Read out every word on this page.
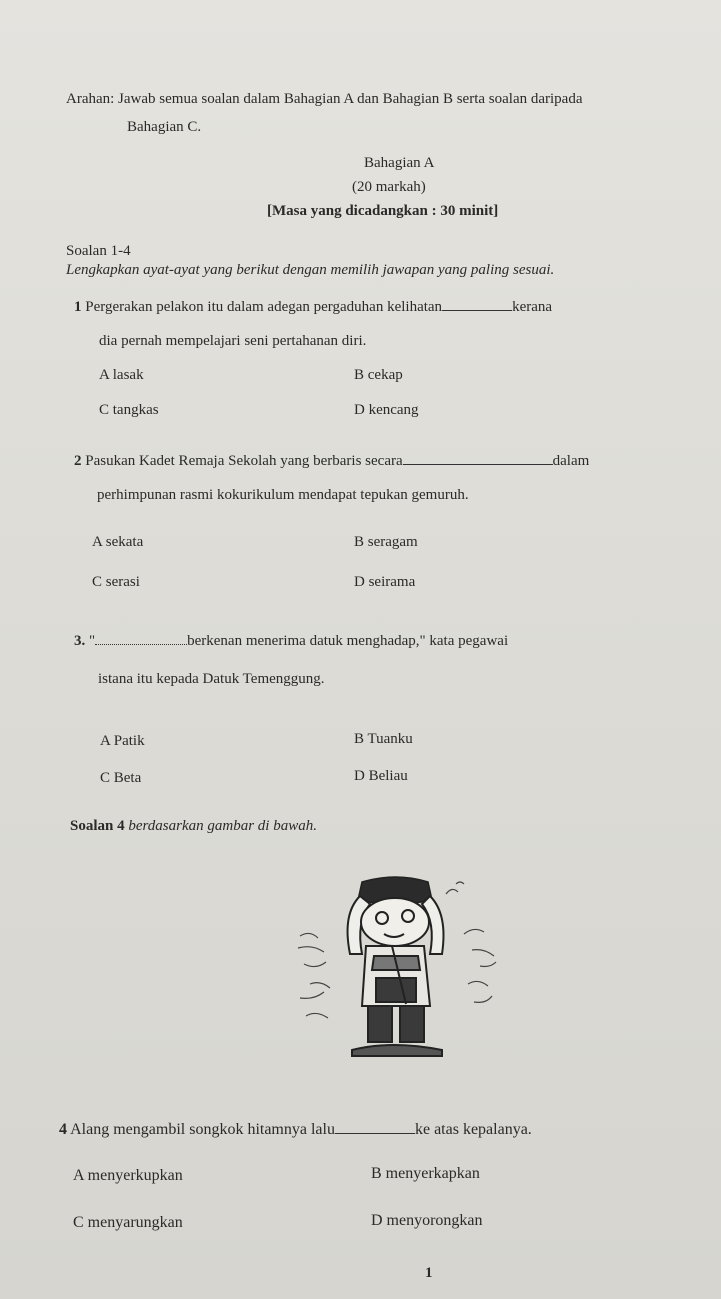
Arahan: Jawab semua soalan dalam Bahagian A dan Bahagian B serta soalan daripada
Bahagian C.
Bahagian A
(20 markah)
[Masa yang dicadangkan : 30 minit]
Soalan 1-4
Lengkapkan ayat-ayat yang berikut dengan memilih jawapan yang paling sesuai.
1 Pergerakan pelakon itu dalam adegan pergaduhan kelihatan	kerana
dia pernah mempelajari seni pertahanan diri.
A lasak	B cekap
C tangkas	D kencang
2 Pasukan Kadet Remaja Sekolah yang berbaris secara	dalam
perhimpunan rasmi kokurikulum mendapat tepukan gemuruh.
A sekata	B seragam
C serasi	D seirama
3. "	berkenan menerima datuk menghadap," kata pegawai
istana itu kepada Datuk Temenggung.
A Patik	B Tuanku
C Beta	D Beliau
Soalan 4 berdasarkan gambar di bawah.
4 Alang mengambil songkok hitamnya lalu	ke atas kepalanya.
A menyerkupkan	B menyerkapkan
C menyarungkan	D menyorongkan
1
